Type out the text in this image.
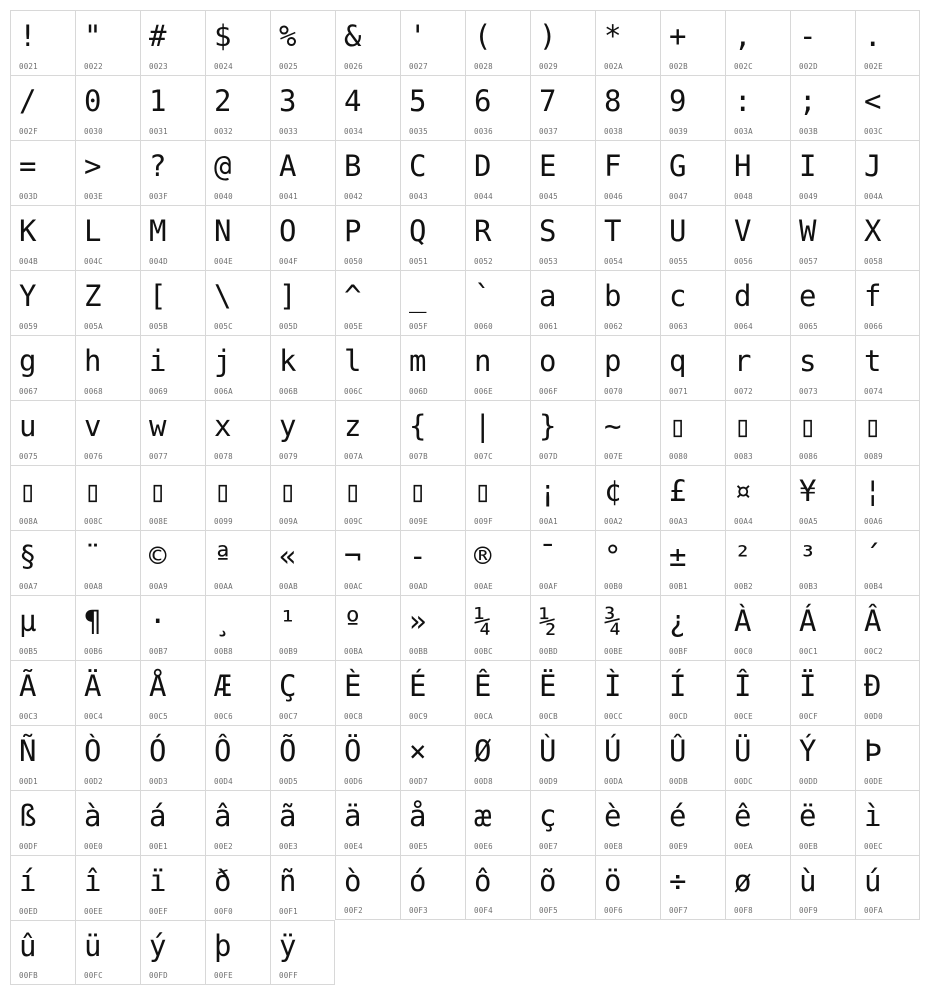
!
0021
"
0022
#
0023
$
0024
%
0025
&
0026
'
0027
(
0028
)
0029
*
002A
+
002B
,
002C
-
002D
.
002E
/
002F
0
0030
1
0031
2
0032
3
0033
4
0034
5
0035
6
0036
7
0037
8
0038
9
0039
:
003A
;
003B
<
003C
=
003D
>
003E
?
003F
@
0040
A
0041
B
0042
C
0043
D
0044
E
0045
F
0046
G
0047
H
0048
I
0049
J
004A
K
004B
L
004C
M
004D
N
004E
O
004F
P
0050
Q
0051
R
0052
S
0053
T
0054
U
0055
V
0056
W
0057
X
0058
Y
0059
Z
005A
[
005B
\
005C
]
005D
^
005E
_
005F
`
0060
a
0061
b
0062
c
0063
d
0064
e
0065
f
0066
g
0067
h
0068
i
0069
j
006A
k
006B
l
006C
m
006D
n
006E
o
006F
p
0070
q
0071
r
0072
s
0073
t
0074
u
0075
v
0076
w
0077
x
0078
y
0079
z
007A
{
007B
|
007C
}
007D
~
007E
▯
0080
▯
0083
▯
0086
▯
0089
▯
008A
▯
008C
▯
008E
▯
0099
▯
009A
▯
009C
▯
009E
▯
009F
¡
00A1
¢
00A2
£
00A3
¤
00A4
¥
00A5
¦
00A6
§
00A7
¨
00A8
©
00A9
ª
00AA
«
00AB
¬
00AC
-
00AD
®
00AE
¯
00AF
°
00B0
±
00B1
²
00B2
³
00B3
´
00B4
µ
00B5
¶
00B6
·
00B7
¸
00B8
¹
00B9
º
00BA
»
00BB
¼
00BC
½
00BD
¾
00BE
¿
00BF
À
00C0
Á
00C1
Â
00C2
Ã
00C3
Ä
00C4
Å
00C5
Æ
00C6
Ç
00C7
È
00C8
É
00C9
Ê
00CA
Ë
00CB
Ì
00CC
Í
00CD
Î
00CE
Ï
00CF
Ð
00D0
Ñ
00D1
Ò
00D2
Ó
00D3
Ô
00D4
Õ
00D5
Ö
00D6
×
00D7
Ø
00D8
Ù
00D9
Ú
00DA
Û
00DB
Ü
00DC
Ý
00DD
Þ
00DE
ß
00DF
à
00E0
á
00E1
â
00E2
ã
00E3
ä
00E4
å
00E5
æ
00E6
ç
00E7
è
00E8
é
00E9
ê
00EA
ë
00EB
ì
00EC
í
00ED
î
00EE
ï
00EF
ð
00F0
ñ
00F1
ò
00F2
ó
00F3
ô
00F4
õ
00F5
ö
00F6
÷
00F7
ø
00F8
ù
00F9
ú
00FA
û
00FB
ü
00FC
ý
00FD
þ
00FE
ÿ
00FF
